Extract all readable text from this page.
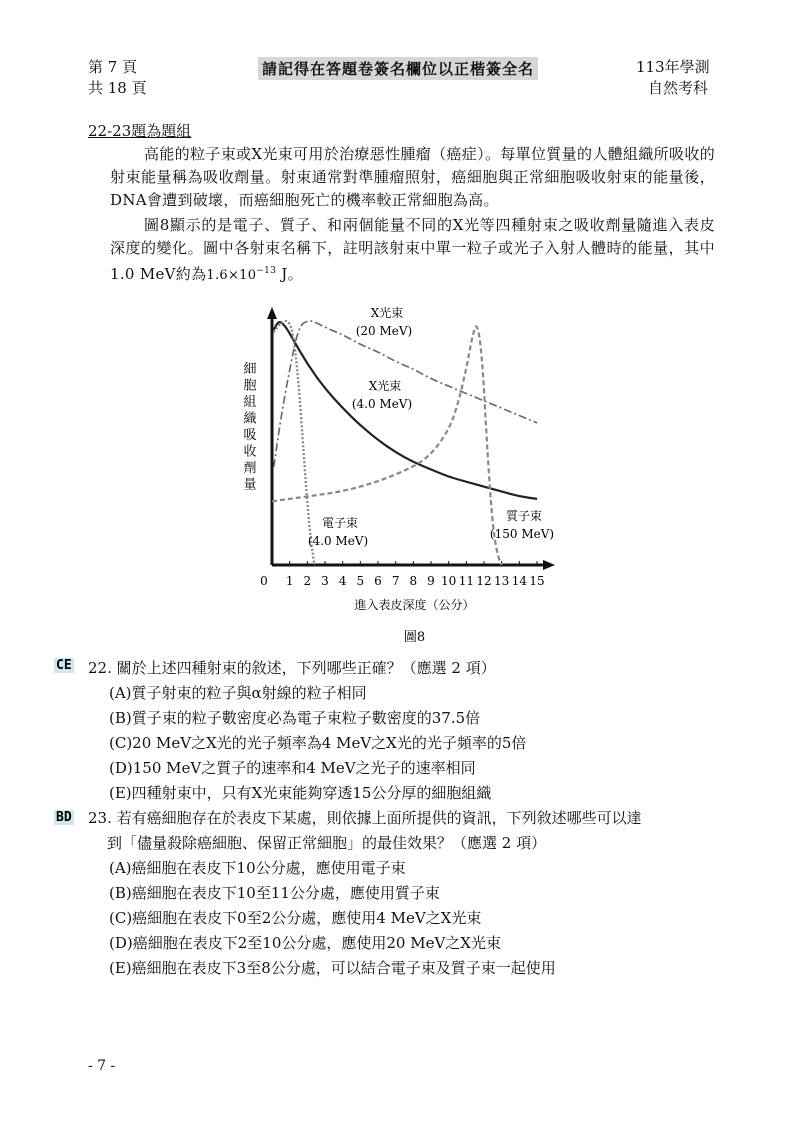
第 7 頁
共 18 頁
請記得在答題卷簽名欄位以正楷簽全名	113年學測
自然考科
22-23題為題組

高能的粒子束或X光束可用於治療惡性腫瘤（癌症）。每單位質量的人體組織所吸收的射束能量稱為吸收劑量。射束通常對準腫瘤照射，癌細胞與正常細胞吸收射束的能量後，DNA會遭到破壞，而癌細胞死亡的機率較正常細胞為高。

圖8顯示的是電子、質子、和兩個能量不同的X光等四種射束之吸收劑量隨進入表皮深度的變化。圖中各射束名稱下，註明該射束中單一粒子或光子入射人體時的能量，其中1.0 MeV約為$1.6\times 10^{-13}$ J。

0 1 2 3 4 5 6 7 8 9 10 11 12 13 14 15
進入表皮深度（公分）
細
胞
組
織
吸
收
劑
量
X光束
(20 MeV)
X光束
(4.0 MeV)
電子束
(4.0 MeV)
質子束
(150 MeV)
圖8
CE 22. 關於上述四種射束的敘述，下列哪些正確？（應選 2 項）
(A)質子射束的粒子與α射線的粒子相同
(B)質子束的粒子數密度必為電子束粒子數密度的37.5倍
(C)20 MeV之X光的光子頻率為4 MeV之X光的光子頻率的5倍
(D)150 MeV之質子的速率和4 MeV之光子的速率相同
(E)四種射束中，只有X光束能夠穿透15公分厚的細胞組織
BD 23. 若有癌細胞存在於表皮下某處，則依據上面所提供的資訊，下列敘述哪些可以達
到「儘量殺除癌細胞、保留正常細胞」的最佳效果？（應選 2 項）
(A)癌細胞在表皮下10公分處，應使用電子束
(B)癌細胞在表皮下10至11公分處，應使用質子束
(C)癌細胞在表皮下0至2公分處，應使用4 MeV之X光束
(D)癌細胞在表皮下2至10公分處，應使用20 MeV之X光束
(E)癌細胞在表皮下3至8公分處，可以結合電子束及質子束一起使用
- 7 -
